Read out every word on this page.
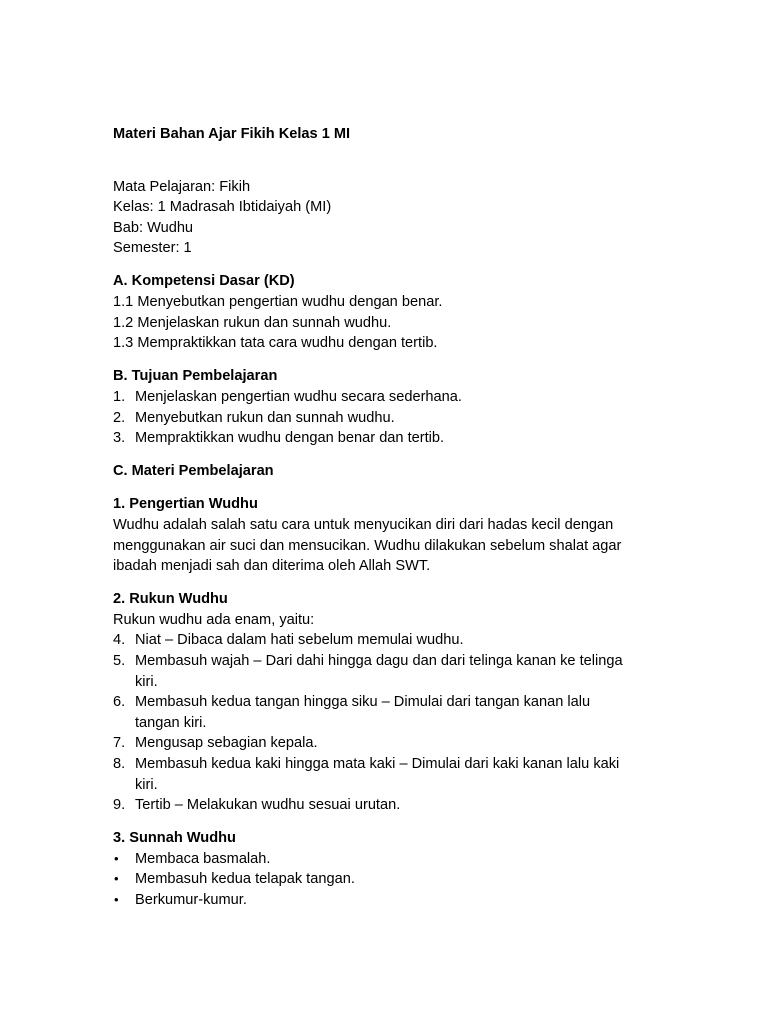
Materi Bahan Ajar Fikih Kelas 1 MI
Mata Pelajaran: Fikih
Kelas: 1 Madrasah Ibtidaiyah (MI)
Bab: Wudhu
Semester: 1
A. Kompetensi Dasar (KD)
1.1 Menyebutkan pengertian wudhu dengan benar.
1.2 Menjelaskan rukun dan sunnah wudhu.
1.3 Mempraktikkan tata cara wudhu dengan tertib.
B. Tujuan Pembelajaran
1. Menjelaskan pengertian wudhu secara sederhana.
2. Menyebutkan rukun dan sunnah wudhu.
3. Mempraktikkan wudhu dengan benar dan tertib.
C. Materi Pembelajaran
1. Pengertian Wudhu

Wudhu adalah salah satu cara untuk menyucikan diri dari hadas kecil dengan
menggunakan air suci dan mensucikan. Wudhu dilakukan sebelum shalat agar
ibadah menjadi sah dan diterima oleh Allah SWT.

2. Rukun Wudhu
Rukun wudhu ada enam, yaitu:
4. Niat – Dibaca dalam hati sebelum memulai wudhu.
5. Membasuh wajah – Dari dahi hingga dagu dan dari telinga kanan ke telinga
kiri.
6. Membasuh kedua tangan hingga siku – Dimulai dari tangan kanan lalu
tangan kiri.
7. Mengusap sebagian kepala.
8. Membasuh kedua kaki hingga mata kaki – Dimulai dari kaki kanan lalu kaki
kiri.
9. Tertib – Melakukan wudhu sesuai urutan.
3. Sunnah Wudhu
• Membaca basmalah.
• Membasuh kedua telapak tangan.
• Berkumur-kumur.
